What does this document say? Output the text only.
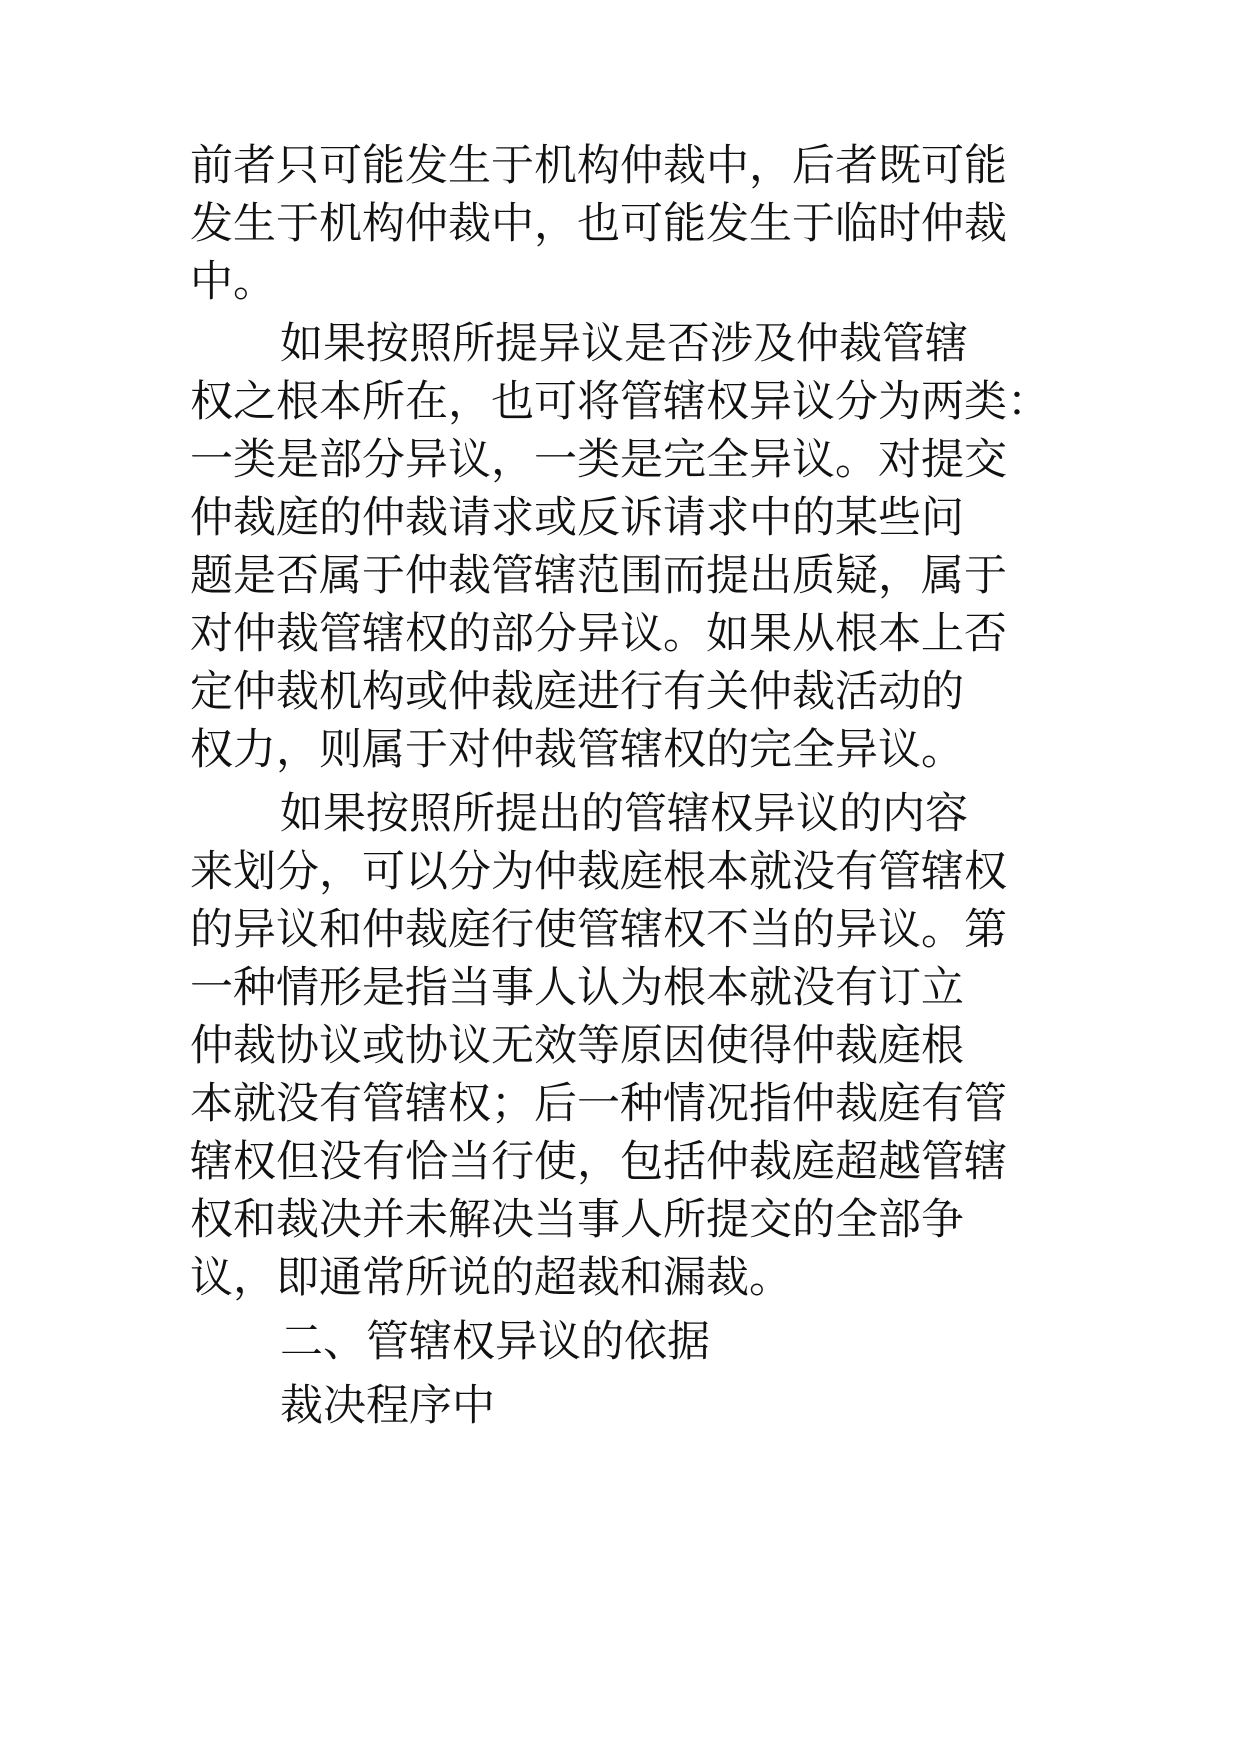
前者只可能发生于机构仲裁中，后者既可能
发生于机构仲裁中，也可能发生于临时仲裁
中。
如果按照所提异议是否涉及仲裁管辖
权之根本所在，也可将管辖权异议分为两类：
一类是部分异议，一类是完全异议。对提交
仲裁庭的仲裁请求或反诉请求中的某些问
题是否属于仲裁管辖范围而提出质疑，属于
对仲裁管辖权的部分异议。如果从根本上否
定仲裁机构或仲裁庭进行有关仲裁活动的
权力，则属于对仲裁管辖权的完全异议。
如果按照所提出的管辖权异议的内容
来划分，可以分为仲裁庭根本就没有管辖权
的异议和仲裁庭行使管辖权不当的异议。第
一种情形是指当事人认为根本就没有订立
仲裁协议或协议无效等原因使得仲裁庭根
本就没有管辖权；后一种情况指仲裁庭有管
辖权但没有恰当行使，包括仲裁庭超越管辖
权和裁决并未解决当事人所提交的全部争
议，即通常所说的超裁和漏裁。
二、管辖权异议的依据
裁决程序中
